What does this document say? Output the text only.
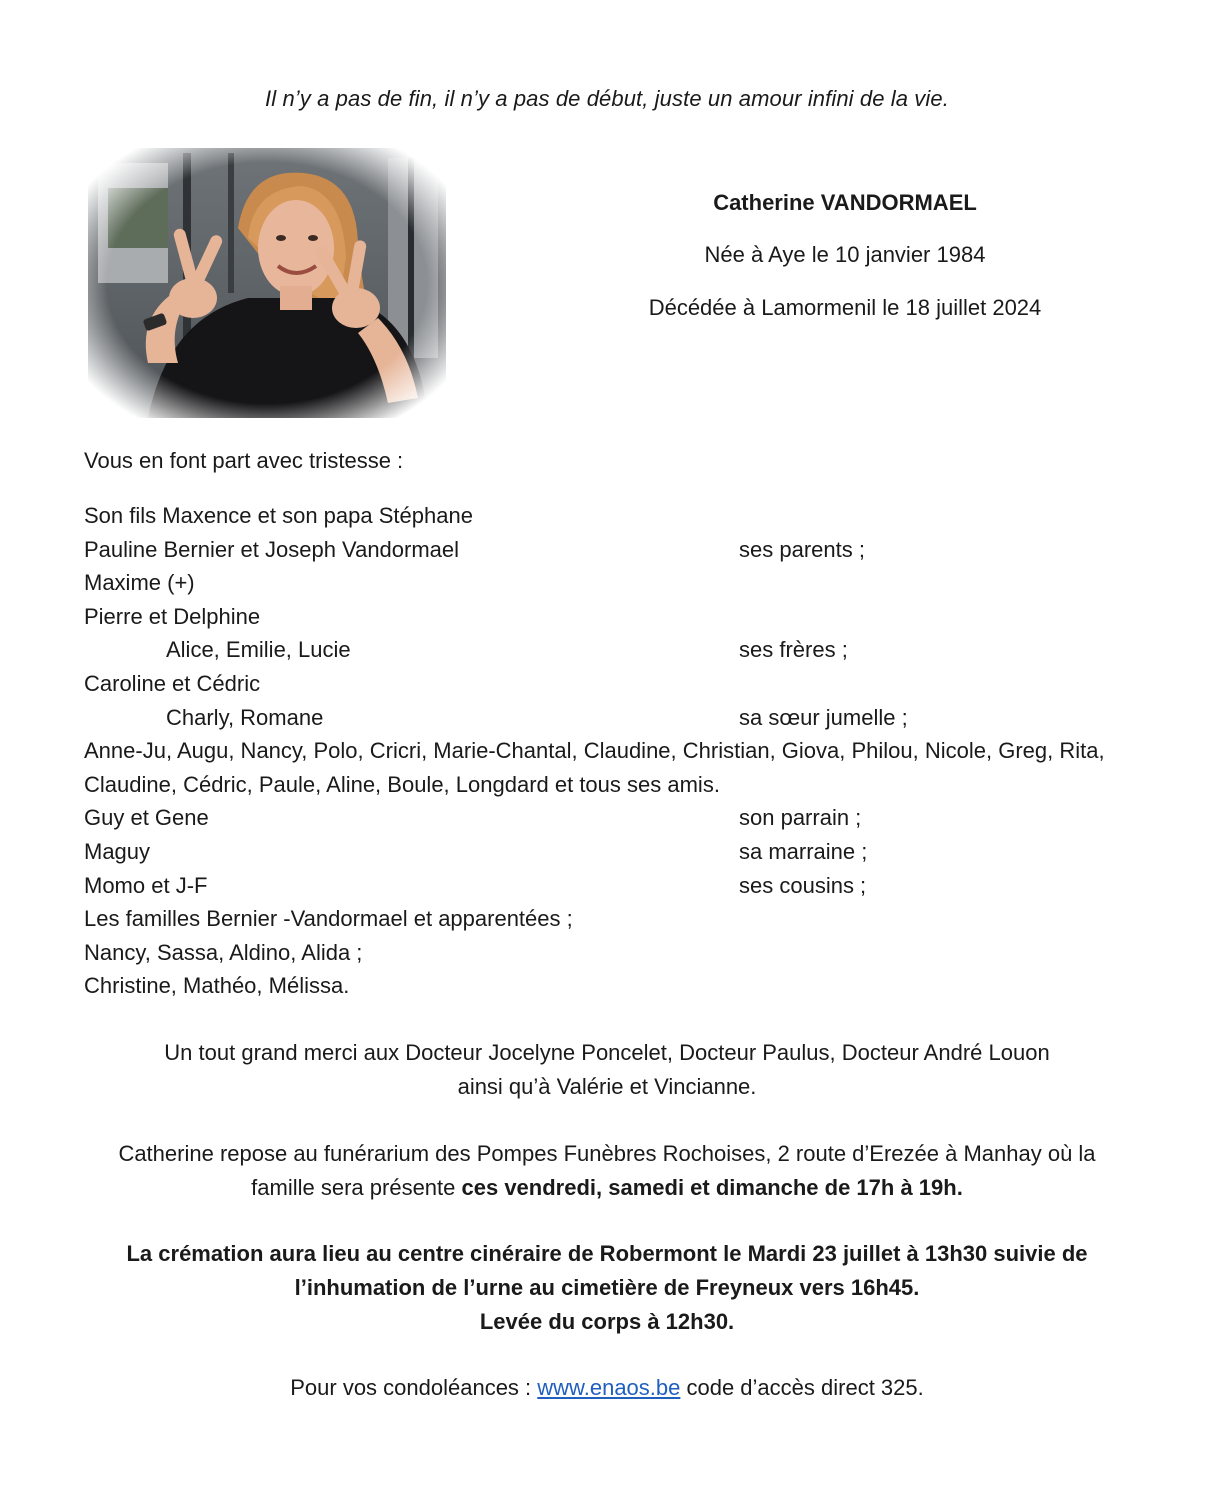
Il n’y a pas de fin, il n’y a pas de début, juste un amour infini de la vie.
Catherine VANDORMAEL
Née à Aye le 10 janvier 1984
Décédée à Lamormenil le 18 juillet 2024
Vous en font part avec tristesse :
Son fils Maxence et son papa Stéphane
Pauline Bernier et Joseph Vandormael	ses parents ;
Maxime (+)
Pierre et Delphine
Alice, Emilie, Lucie	ses frères ;
Caroline et Cédric
Charly, Romane	sa sœur jumelle ;
Anne-Ju, Augu, Nancy, Polo, Cricri, Marie-Chantal, Claudine, Christian, Giova, Philou, Nicole, Greg, Rita, Claudine, Cédric, Paule, Aline, Boule, Longdard et tous ses amis.
Guy et Gene	son parrain ;
Maguy	sa marraine ;
Momo et J-F	ses cousins ;
Les familles Bernier -Vandormael et apparentées ;
Nancy, Sassa, Aldino, Alida ;
Christine, Mathéo, Mélissa.
Un tout grand merci aux Docteur Jocelyne Poncelet, Docteur Paulus, Docteur André Louon
ainsi qu’à Valérie et Vincianne.
Catherine repose au funérarium des Pompes Funèbres Rochoises, 2 route d’Erezée à Manhay où la
famille sera présente ces vendredi, samedi et dimanche de 17h à 19h.
La crémation aura lieu au centre cinéraire de Robermont le Mardi 23 juillet à 13h30 suivie de
l’inhumation de l’urne au cimetière de Freyneux vers 16h45.
Levée du corps à 12h30.
Pour vos condoléances : www.enaos.be code d’accès direct 325.
